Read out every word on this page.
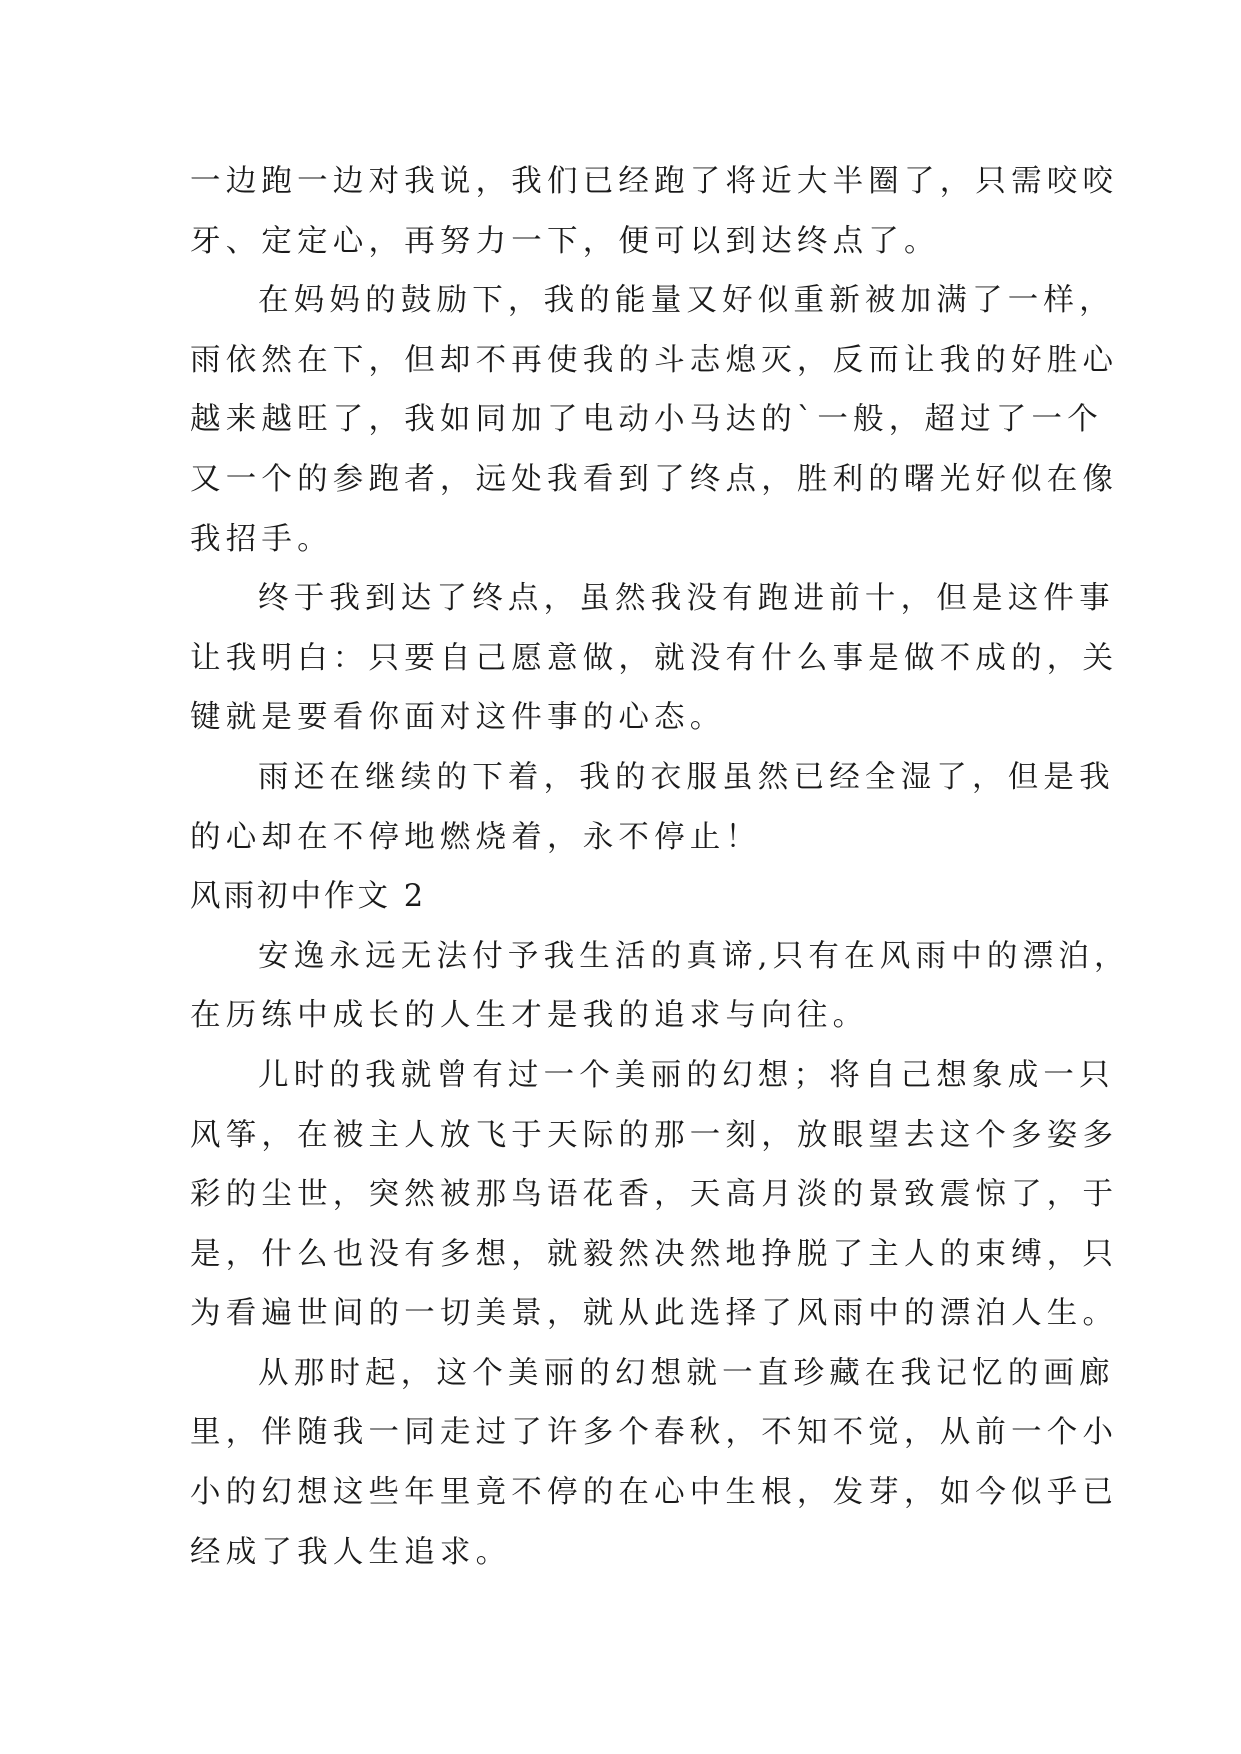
一边跑一边对我说，我们已经跑了将近大半圈了，只需咬咬
牙、定定心，再努力一下，便可以到达终点了。
在妈妈的鼓励下，我的能量又好似重新被加满了一样，
雨依然在下，但却不再使我的斗志熄灭，反而让我的好胜心
越来越旺了，我如同加了电动小马达的`一般，超过了一个
又一个的参跑者，远处我看到了终点，胜利的曙光好似在像
我招手。
终于我到达了终点，虽然我没有跑进前十，但是这件事
让我明白：只要自己愿意做，就没有什么事是做不成的，关
键就是要看你面对这件事的心态。
雨还在继续的下着，我的衣服虽然已经全湿了，但是我
的心却在不停地燃烧着，永不停止！
风雨初中作文 2
安逸永远无法付予我生活的真谛,只有在风雨中的漂泊，
在历练中成长的人生才是我的追求与向往。
儿时的我就曾有过一个美丽的幻想；将自己想象成一只
风筝，在被主人放飞于天际的那一刻，放眼望去这个多姿多
彩的尘世，突然被那鸟语花香，天高月淡的景致震惊了，于
是，什么也没有多想，就毅然决然地挣脱了主人的束缚，只
为看遍世间的一切美景，就从此选择了风雨中的漂泊人生。
从那时起，这个美丽的幻想就一直珍藏在我记忆的画廊
里，伴随我一同走过了许多个春秋，不知不觉，从前一个小
小的幻想这些年里竟不停的在心中生根，发芽，如今似乎已
经成了我人生追求。
